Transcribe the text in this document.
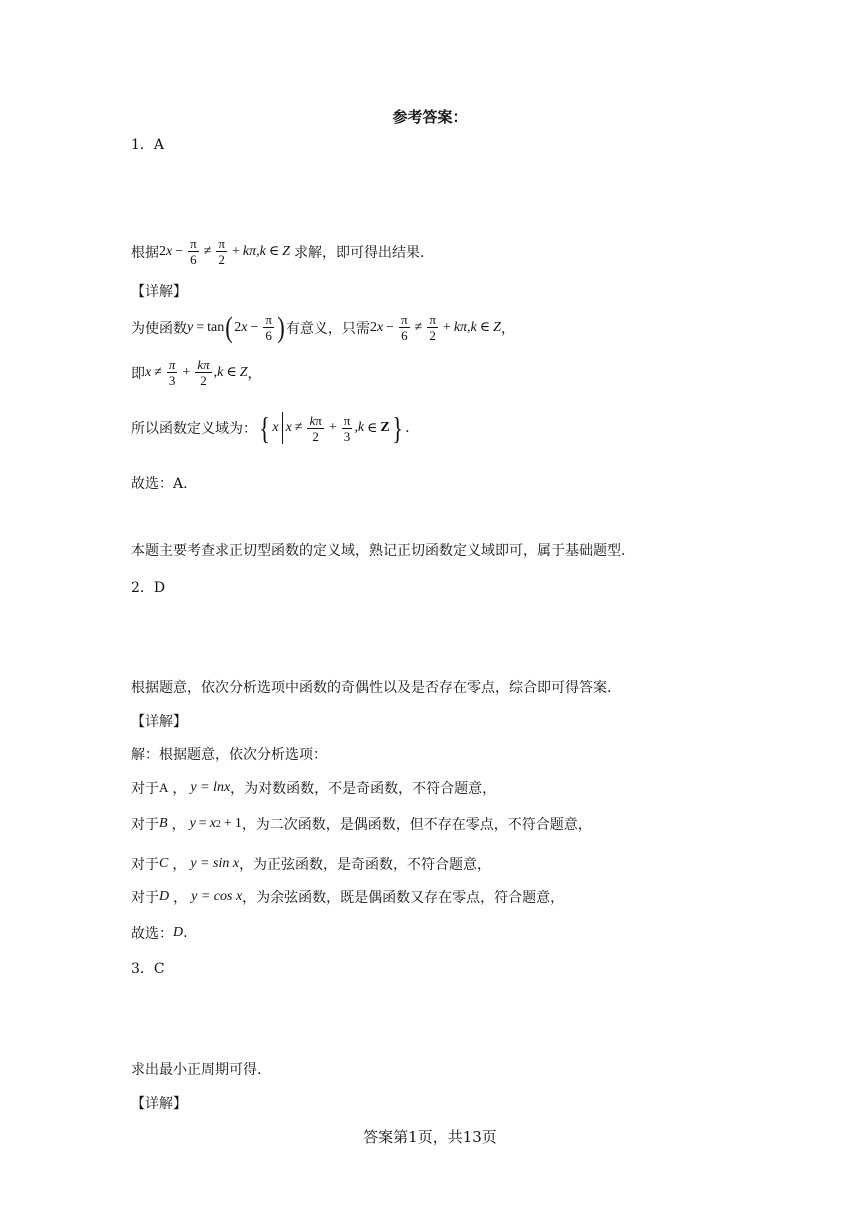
参考答案：
1．A
根据 2 $x - \frac{\pi}{6} \ne \frac{\pi}{2} + k\pi,k$ ∈ Z 求解，即可得出结果.
【详解】
为使函数 y = tan ( 2 $x - \frac{\pi}{6}$ ) 有意义，只需 2 $x - \frac{\pi}{6} \ne \frac{\pi}{2} + k\pi,k$ ∈ Z ，
即 $x \ne \frac{\pi}{3} + \frac{k\pi}{2} ,k$ ∈ Z ，
所以函数定义域为： { x $x \ne \frac{k\pi}{2} + \frac{\pi}{3} ,k$ ∈ Z } .
故选：A.
本题主要考查求正切型函数的定义域，熟记正切函数定义域即可，属于基础题型.
2．D
根据题意，依次分析选项中函数的奇偶性以及是否存在零点，综合即可得答案.
【详解】
解：根据题意，依次分析选项：
对于 A ， y = lnx ，为对数函数，不是奇函数，不符合题意，
对于 B ， y = x 2 + 1 ，为二次函数，是偶函数，但不存在零点，不符合题意，
对于 C ， y = sin x ，为正弦函数，是奇函数，不符合题意，
对于 D ， y = cos x ，为余弦函数，既是偶函数又存在零点，符合题意，
故选： D .
3．C
求出最小正周期可得.
【详解】
答案第1页，共13页
